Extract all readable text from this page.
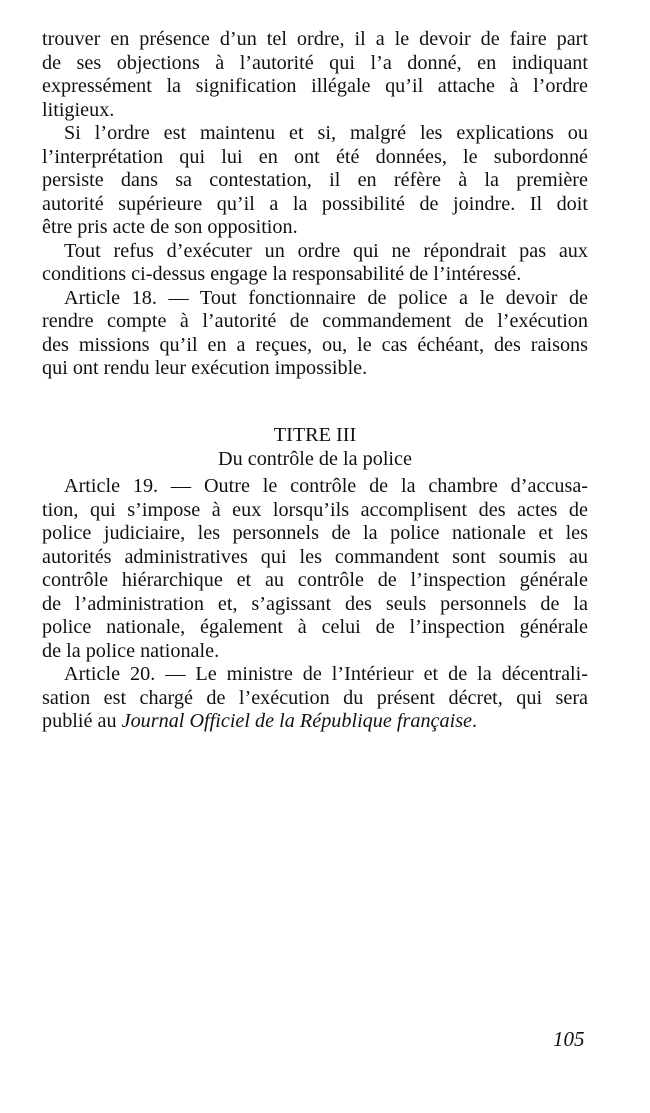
trouver en présence d’un tel ordre, il a le devoir de faire part
de ses objections à l’autorité qui l’a donné, en indiquant
expressément la signification illégale qu’il attache à l’ordre
litigieux.
Si l’ordre est maintenu et si, malgré les explications ou
l’interprétation qui lui en ont été données, le subordonné
persiste dans sa contestation, il en réfère à la première
autorité supérieure qu’il a la possibilité de joindre. Il doit
être pris acte de son opposition.
Tout refus d’exécuter un ordre qui ne répondrait pas aux
conditions ci-dessus engage la responsabilité de l’intéressé.
Article 18. — Tout fonctionnaire de police a le devoir de
rendre compte à l’autorité de commandement de l’exécution
des missions qu’il en a reçues, ou, le cas échéant, des raisons
qui ont rendu leur exécution impossible.
TITRE III
Du contrôle de la police
Article 19. — Outre le contrôle de la chambre d’accusa-
tion, qui s’impose à eux lorsqu’ils accomplisent des actes de
police judiciaire, les personnels de la police nationale et les
autorités administratives qui les commandent sont soumis au
contrôle hiérarchique et au contrôle de l’inspection générale
de l’administration et, s’agissant des seuls personnels de la
police nationale, également à celui de l’inspection générale
de la police nationale.
Article 20. — Le ministre de l’Intérieur et de la décentrali-
sation est chargé de l’exécution du présent décret, qui sera
publié au Journal Officiel de la République française.
105
